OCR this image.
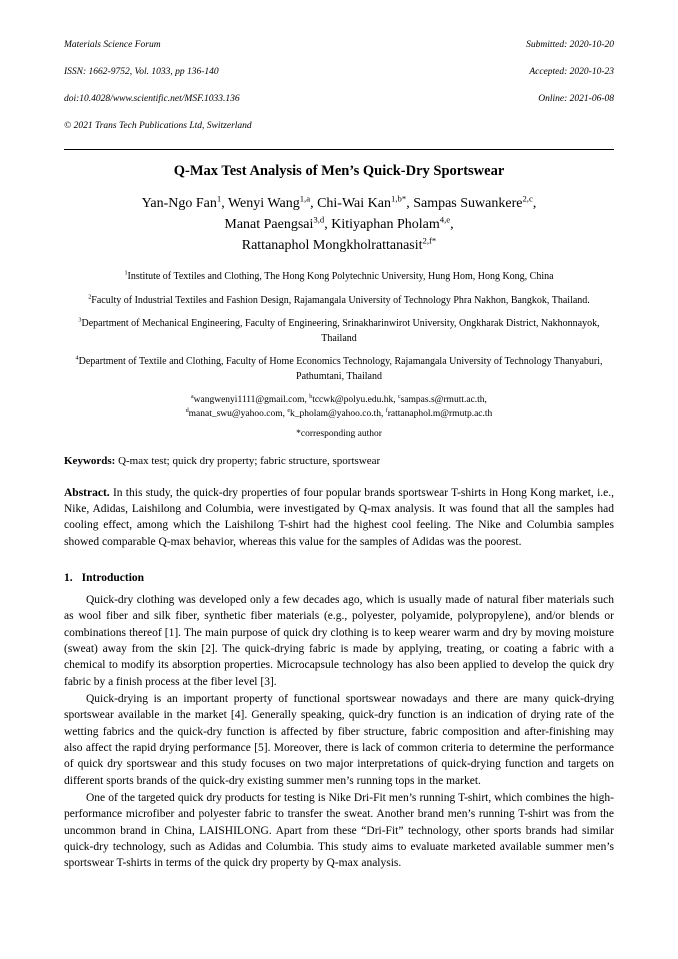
Materials Science Forum

ISSN: 1662-9752, Vol. 1033, pp 136-140

doi:10.4028/www.scientific.net/MSF.1033.136

© 2021 Trans Tech Publications Ltd, Switzerland

Submitted: 2020-10-20

Accepted: 2020-10-23

Online: 2021-06-08

Q-Max Test Analysis of Men’s Quick-Dry Sportswear
Yan-Ngo Fan$^1$, Wenyi Wang$^{1,a}$, Chi-Wai Kan$^{1,b*}$, Sampas Suwankere$^{2,c}$,
Manat Paengsai$^{3,d}$, Kitiyaphan Pholam$^{4,e}$,
Rattanaphol Mongkholrattanasit$^{2,f*}$
$^1$Institute of Textiles and Clothing, The Hong Kong Polytechnic University, Hung Hom, Hong Kong, China
$^2$Faculty of Industrial Textiles and Fashion Design, Rajamangala University of Technology Phra Nakhon, Bangkok, Thailand.
$^3$Department of Mechanical Engineering, Faculty of Engineering, Srinakharinwirot University, Ongkharak District, Nakhonnayok, Thailand
$^4$Department of Textile and Clothing, Faculty of Home Economics Technology, Rajamangala University of Technology Thanyaburi, Pathumtani, Thailand
$^a$wangwenyi1111@gmail.com, $^b$tccwk@polyu.edu.hk, $^c$sampas.s@rmutt.ac.th,
$^d$manat_swu@yahoo.com, $^e$k_pholam@yahoo.co.th, $^f$rattanaphol.m@rmutp.ac.th
*corresponding author
Keywords: Q-max test; quick dry property; fabric structure, sportswear
Abstract. In this study, the quick-dry properties of four popular brands sportswear T-shirts in Hong Kong market, i.e., Nike, Adidas, Laishilong and Columbia, were investigated by Q-max analysis. It was found that all the samples had cooling effect, among which the Laishilong T-shirt had the highest cool feeling. The Nike and Columbia samples showed comparable Q-max behavior, whereas this value for the samples of Adidas was the poorest.
1. Introduction

Quick-dry clothing was developed only a few decades ago, which is usually made of natural fiber materials such as wool fiber and silk fiber, synthetic fiber materials (e.g., polyester, polyamide, polypropylene), and/or blends or combinations thereof [1]. The main purpose of quick dry clothing is to keep wearer warm and dry by moving moisture (sweat) away from the skin [2]. The quick-drying fabric is made by applying, treating, or coating a fabric with a chemical to modify its absorption properties. Microcapsule technology has also been applied to develop the quick dry fabric by a finish process at the fiber level [3].

Quick-drying is an important property of functional sportswear nowadays and there are many quick-drying sportswear available in the market [4]. Generally speaking, quick-dry function is an indication of drying rate of the wetting fabrics and the quick-dry function is affected by fiber structure, fabric composition and after-finishing may also affect the rapid drying performance [5]. Moreover, there is lack of common criteria to determine the performance of quick dry sportswear and this study focuses on two major interpretations of quick-drying function and targets on different sports brands of the quick-dry existing summer men’s running tops in the market.

One of the targeted quick dry products for testing is Nike Dri-Fit men’s running T-shirt, which combines the high-performance microfiber and polyester fabric to transfer the sweat. Another brand men’s running T-shirt was from the uncommon brand in China, LAISHILONG. Apart from these “Dri-Fit” technology, other sports brands had similar quick-dry technology, such as Adidas and Columbia. This study aims to evaluate marketed available summer men’s sportswear T-shirts in terms of the quick dry property by Q-max analysis.
